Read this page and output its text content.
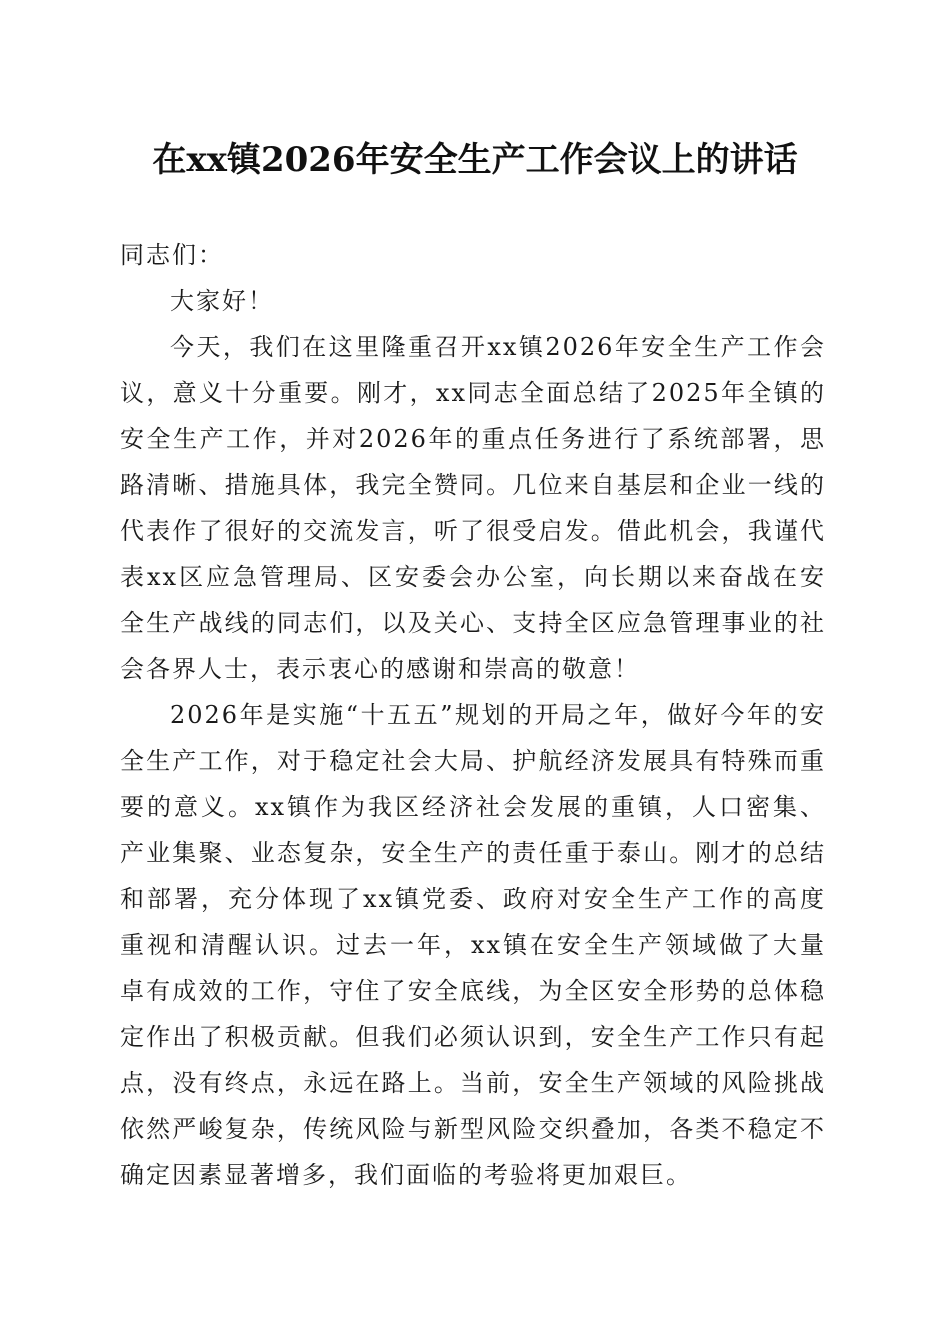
在xx镇2026年安全生产工作会议上的讲话

同志们：

大家好！

今天，我们在这里隆重召开xx镇2026年安全生产工作会议，意义十分重要。刚才，xx同志全面总结了2025年全镇的安全生产工作，并对2026年的重点任务进行了系统部署，思路清晰、措施具体，我完全赞同。几位来自基层和企业一线的代表作了很好的交流发言，听了很受启发。借此机会，我谨代表xx区应急管理局、区安委会办公室，向长期以来奋战在安全生产战线的同志们，以及关心、支持全区应急管理事业的社会各界人士，表示衷心的感谢和崇高的敬意！

2026年是实施“十五五”规划的开局之年，做好今年的安全生产工作，对于稳定社会大局、护航经济发展具有特殊而重要的意义。xx镇作为我区经济社会发展的重镇，人口密集、产业集聚、业态复杂，安全生产的责任重于泰山。刚才的总结和部署，充分体现了xx镇党委、政府对安全生产工作的高度重视和清醒认识。过去一年，xx镇在安全生产领域做了大量卓有成效的工作，守住了安全底线，为全区安全形势的总体稳定作出了积极贡献。但我们必须认识到，安全生产工作只有起点，没有终点，永远在路上。当前，安全生产领域的风险挑战依然严峻复杂，传统风险与新型风险交织叠加，各类不稳定不确定因素显著增多，我们面临的考验将更加艰巨。
